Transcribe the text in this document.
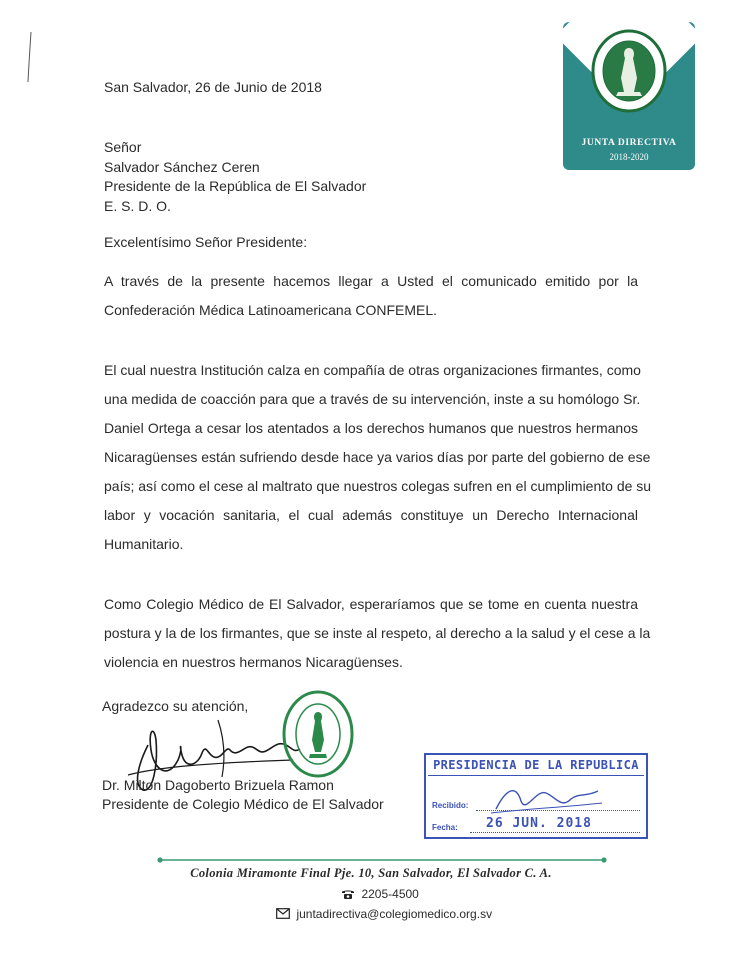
JUNTA DIRECTIVA
2018-2020
San Salvador, 26 de Junio de 2018
Señor
Salvador Sánchez Ceren
Presidente de la República de El Salvador
E. S. D. O.
Excelentísimo Señor Presidente:
A través de la presente hacemos llegar a Usted el comunicado emitido por la
Confederación Médica Latinoamericana CONFEMEL.
El cual nuestra Institución calza en compañía de otras organizaciones firmantes, como
una medida de coacción para que a través de su intervención, inste a su homólogo Sr.
Daniel Ortega a cesar los atentados a los derechos humanos que nuestros hermanos
Nicaragüenses están sufriendo desde hace ya varios días por parte del gobierno de ese
país; así como el cese al maltrato que nuestros colegas sufren en el cumplimiento de su
labor y vocación sanitaria, el cual además constituye un Derecho Internacional
Humanitario.
Como Colegio Médico de El Salvador, esperaríamos que se tome en cuenta nuestra
postura y la de los firmantes, que se inste al respeto, al derecho a la salud y el cese a la
violencia en nuestros hermanos Nicaragüenses.
Agradezco su atención,
Dr. Milton Dagoberto Brizuela Ramon
Presidente de Colegio Médico de El Salvador
PRESIDENCIA DE LA REPUBLICA
Recibido:
Fecha: 26 JUN. 2018
Colonia Miramonte Final Pje. 10, San Salvador, El Salvador C. A.
2205-4500
juntadirectiva@colegiomedico.org.sv
